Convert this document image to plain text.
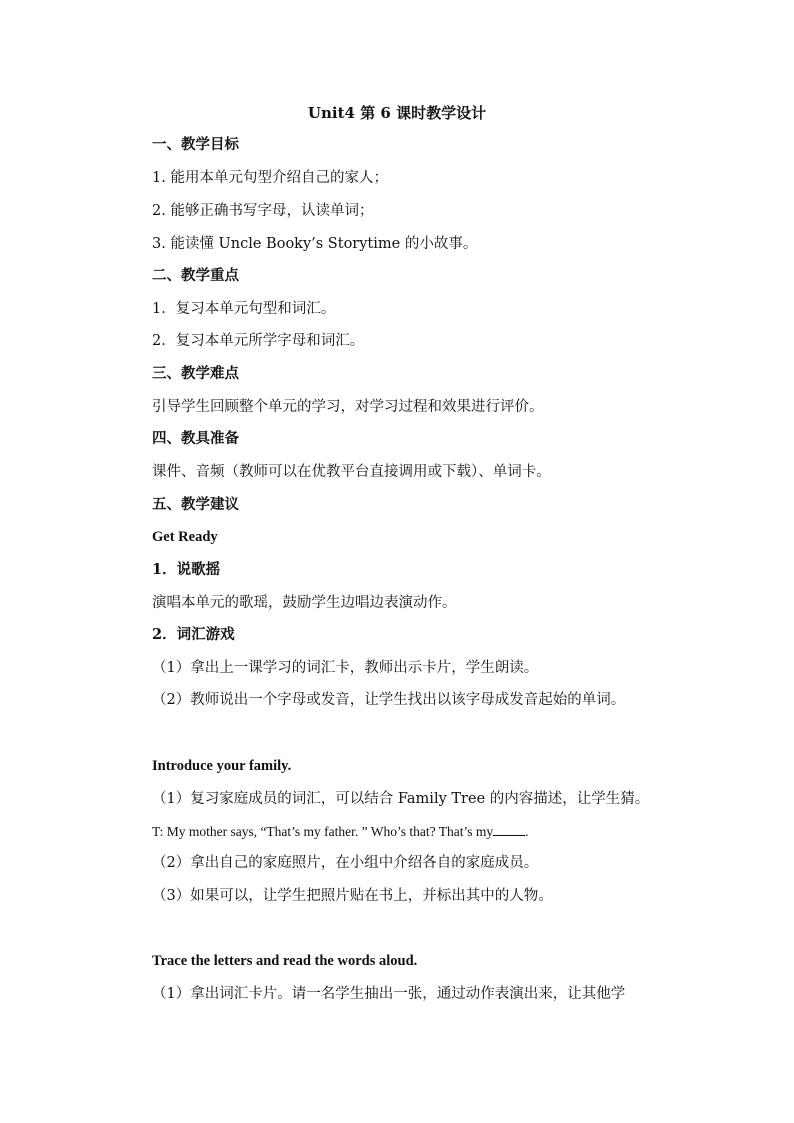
Unit4 第 6 课时教学设计
一、教学目标
1. 能用本单元句型介绍自己的家人；
2. 能够正确书写字母，认读单词；
3. 能读懂 Uncle Booky’s Storytime 的小故事。
二、教学重点
1．复习本单元句型和词汇。
2．复习本单元所学字母和词汇。
三、教学难点
引导学生回顾整个单元的学习，对学习过程和效果进行评价。
四、教具准备
课件、音频（教师可以在优教平台直接调用或下载）、单词卡。
五、教学建议
Get Ready
1．说歌摇
演唱本单元的歌瑶，鼓励学生边唱边表演动作。
2．词汇游戏
（1）拿出上一课学习的词汇卡，教师出示卡片，学生朗读。
（2）教师说出一个字母或发音，让学生找出以该字母成发音起始的单词。
Introduce your family.
（1）复习家庭成员的词汇，可以结合 Family Tree 的内容描述，让学生猜。
T: My mother says, “That’s my father. ” Who’s that? That’s my .
（2）拿出自己的家庭照片，在小组中介绍各自的家庭成员。
（3）如果可以，让学生把照片贴在书上，并标出其中的人物。
Trace the letters and read the words aloud.
（1）拿出词汇卡片。请一名学生抽出一张，通过动作表演出来，让其他学
